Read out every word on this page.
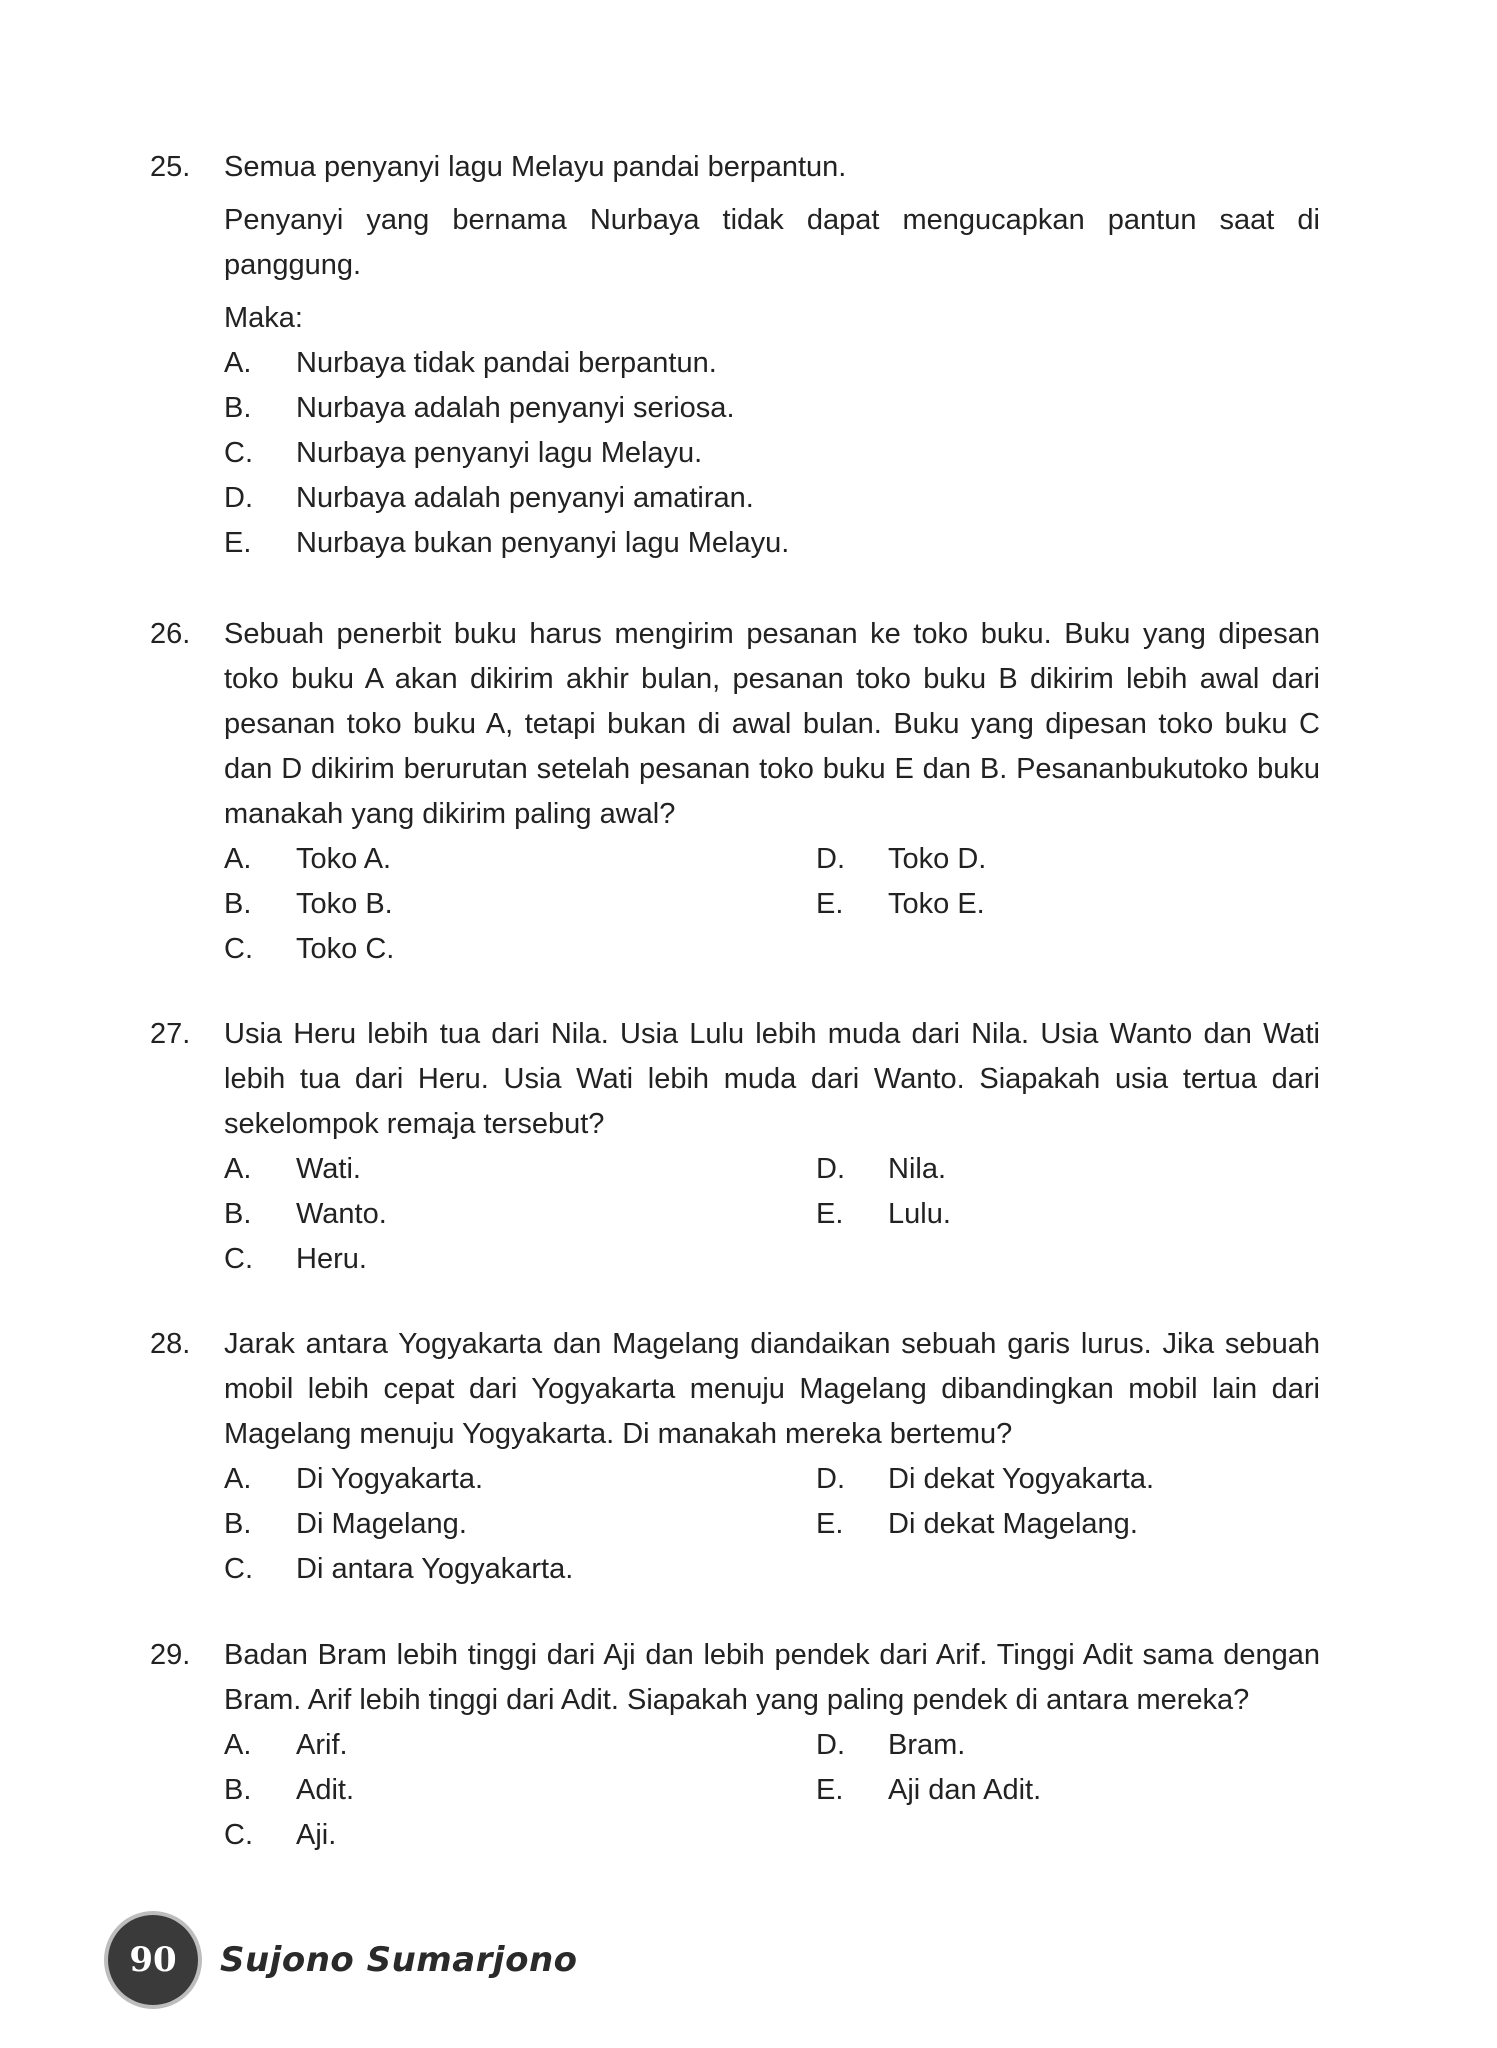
25. Semua penyanyi lagu Melayu pandai berpantun.
Penyanyi yang bernama Nurbaya tidak dapat mengucapkan pantun saat di panggung.
Maka:
A.	Nurbaya tidak pandai berpantun.
B.	Nurbaya adalah penyanyi seriosa.
C.	Nurbaya penyanyi lagu Melayu.
D.	Nurbaya adalah penyanyi amatiran.
E.	Nurbaya bukan penyanyi lagu Melayu.
26. Sebuah penerbit buku harus mengirim pesanan ke toko buku. Buku yang dipesan toko buku A akan dikirim akhir bulan, pesanan toko buku B dikirim lebih awal dari pesanan toko buku A, tetapi bukan di awal bulan. Buku yang dipesan toko buku C dan D dikirim berurutan setelah pesanan toko buku E dan B. Pesananbukutoko buku manakah yang dikirim paling awal?
A.	Toko A.
B.	Toko B.
C.	Toko C.
D.	Toko D.
E.	Toko E.
27. Usia Heru lebih tua dari Nila. Usia Lulu lebih muda dari Nila. Usia Wanto dan Wati lebih tua dari Heru. Usia Wati lebih muda dari Wanto. Siapakah usia tertua dari sekelompok remaja tersebut?
A.	Wati.
B.	Wanto.
C.	Heru.
D.	Nila.
E.	Lulu.
28. Jarak antara Yogyakarta dan Magelang diandaikan sebuah garis lurus. Jika sebuah mobil lebih cepat dari Yogyakarta menuju Magelang dibandingkan mobil lain dari Magelang menuju Yogyakarta. Di manakah mereka bertemu?
A.	Di Yogyakarta.
B.	Di Magelang.
C.	Di antara Yogyakarta.
D.	Di dekat Yogyakarta.
E.	Di dekat Magelang.
29. Badan Bram lebih tinggi dari Aji dan lebih pendek dari Arif. Tinggi Adit sama dengan Bram. Arif lebih tinggi dari Adit. Siapakah yang paling pendek di antara mereka?
A.	Arif.
B.	Adit.
C.	Aji.
D.	Bram.
E.	Aji dan Adit.
90 Sujono Sumarjono
